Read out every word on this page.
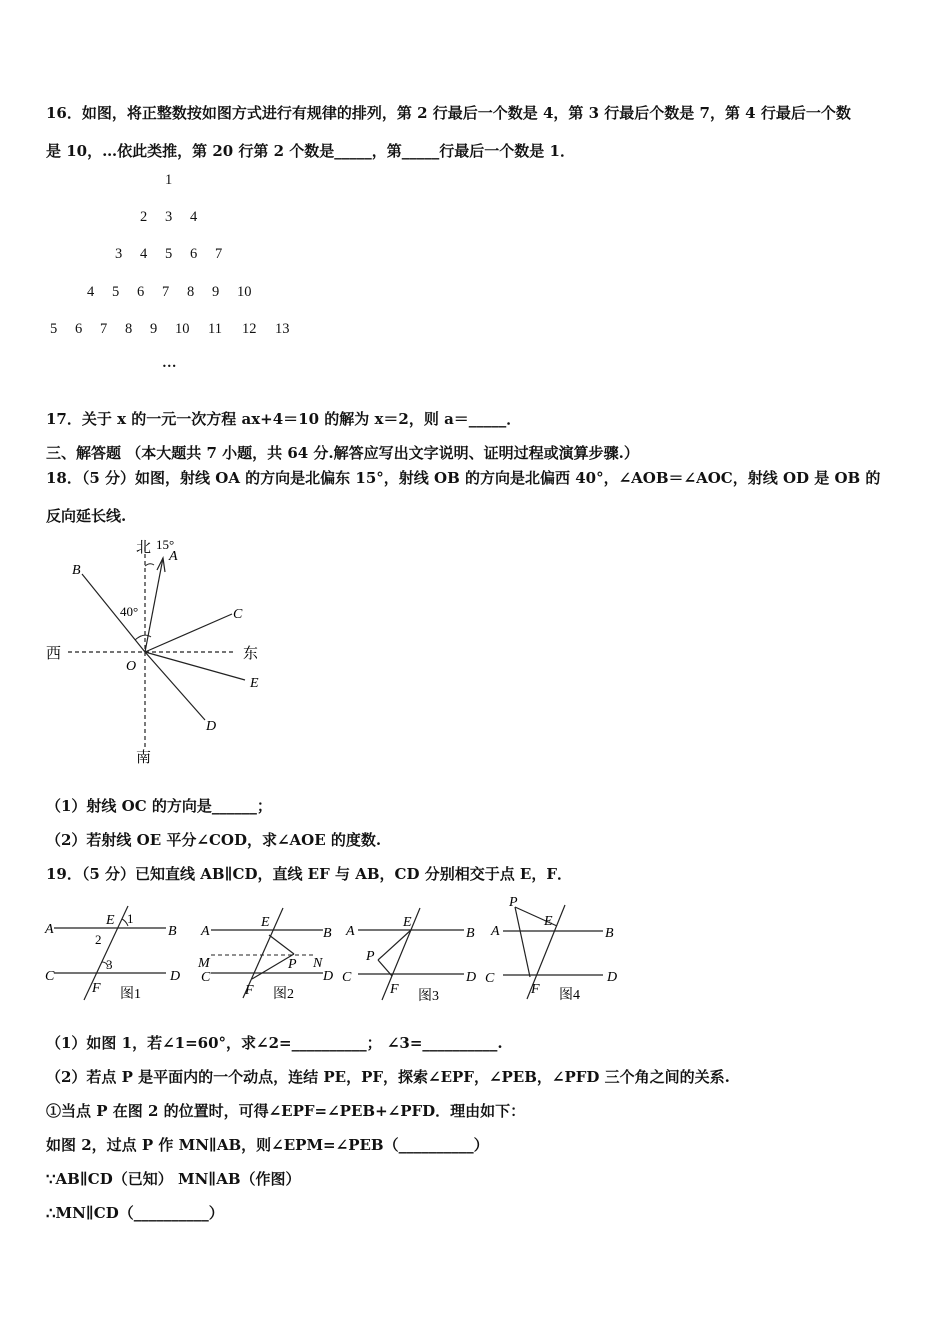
16．如图，将正整数按如图方式进行有规律的排列，第 2 行最后一个数是 4，第 3 行最后个数是 7，第 4 行最后一个数
是 10，…依此类推，第 20 行第 2 个数是_____，第_____行最后一个数是 1．
1
2 3 4
3 4 5 6 7
4 5 6 7 8 9 10
5 6 7 8 9 10 11 12 13
…
17．关于 x 的一元一次方程 ax+4＝10 的解为 x＝2，则 a＝_____．
三、解答题 （本大题共 7 小题，共 64 分.解答应写出文字说明、证明过程或演算步骤.）
18．（5 分）如图，射线 OA 的方向是北偏东 15°，射线 OB 的方向是北偏西 40°，∠AOB＝∠AOC，射线 OD 是 OB 的
反向延长线.
北 15°
A
B
40°	C
西	东
O
E
D
南
（1）射线 OC 的方向是______；
（2）若射线 OE 平分∠COD，求∠AOE 的度数.
19．（5 分）已知直线 AB∥CD，直线 EF 与 AB，CD 分别相交于点 E，F．
A	B
C	D
E
F
1
2
3
图1
A	B
M	N
C	D
E
P
F 图2
A	B
C	D
E
P
F 图3
P
A	B
C	D
E
F 图4
（1）如图 1，若∠1=60°，求∠2=__________； ∠3=__________.
（2）若点 P 是平面内的一个动点，连结 PE，PF，探索∠EPF，∠PEB，∠PFD 三个角之间的关系.
①当点 P 在图 2 的位置时，可得∠EPF=∠PEB+∠PFD．理由如下：
如图 2，过点 P 作 MN∥AB，则∠EPM=∠PEB（__________）
∵AB∥CD（已知） MN∥AB（作图）
∴MN∥CD（__________）
